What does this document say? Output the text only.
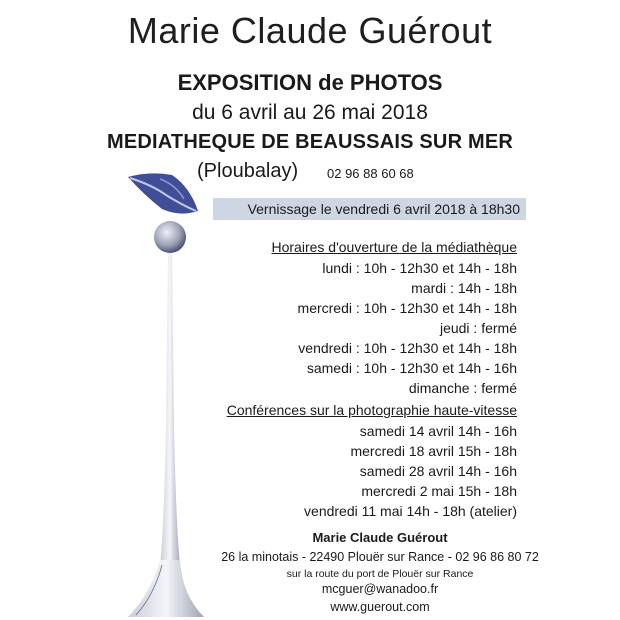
Marie Claude Guérout
EXPOSITION de PHOTOS
du 6 avril au 26 mai 2018
MEDIATHEQUE DE BEAUSSAIS SUR MER
(Ploubalay) 02 96 88 60 68
Vernissage le vendredi 6 avril 2018 à 18h30
Horaires d'ouverture de la médiathèque
lundi : 10h - 12h30 et 14h - 18h
mardi : 14h - 18h
mercredi : 10h - 12h30 et 14h - 18h
jeudi : fermé
vendredi : 10h - 12h30 et 14h - 18h
samedi : 10h - 12h30 et 14h - 16h
dimanche : fermé
Conférences sur la photographie haute-vitesse
samedi 14 avril 14h - 16h
mercredi 18 avril 15h - 18h
samedi 28 avril 14h - 16h
mercredi 2 mai 15h - 18h
vendredi 11 mai 14h - 18h (atelier)
Marie Claude Guérout
26 la minotais - 22490 Plouër sur Rance - 02 96 86 80 72
sur la route du port de Plouër sur Rance
mcguer@wanadoo.fr
www.guerout.com
